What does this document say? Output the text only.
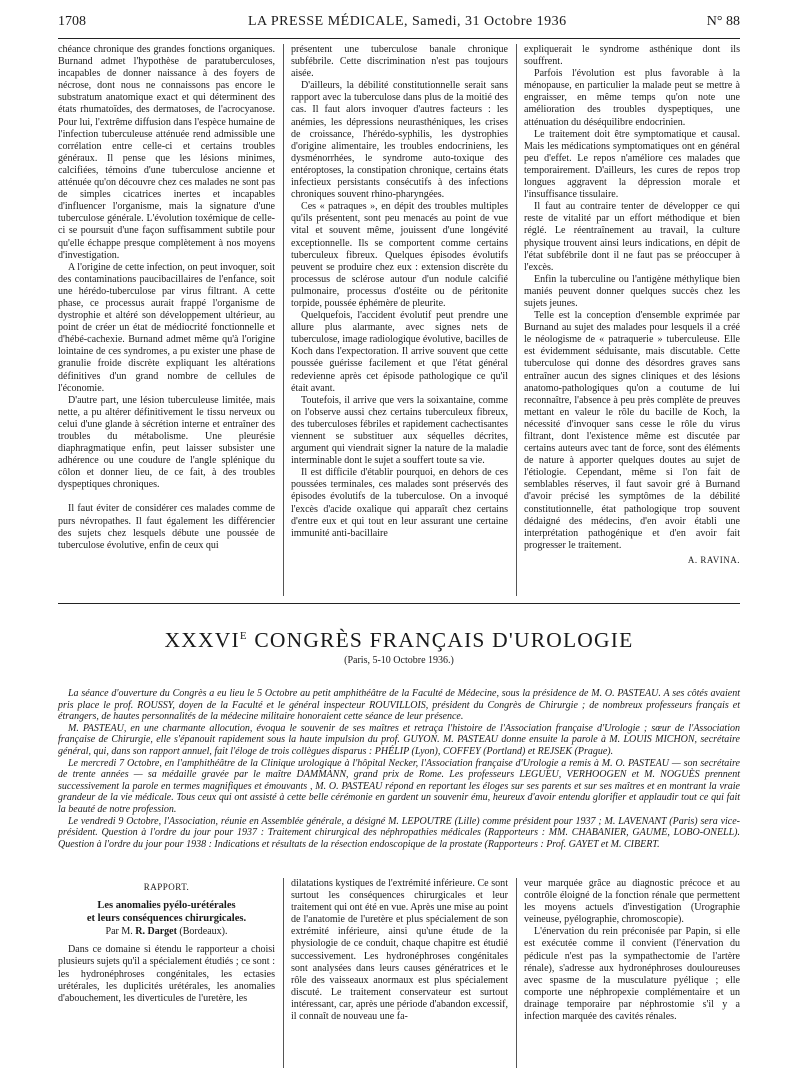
1708	LA PRESSE MÉDICALE, Samedi, 31 Octobre 1936	N° 88

chéance chronique des grandes fonctions organiques. Burnand admet l'hypothèse de paratuberculoses, incapables de donner naissance à des foyers de nécrose, dont nous ne connaissons pas encore le substratum anatomique exact et qui déterminent des états rhumatoïdes, des dermatoses, de l'acrocyanose. Pour lui, l'extrême diffusion dans l'espèce humaine de l'infection tuberculeuse atténuée rend admissible une corrélation entre celle-ci et certains troubles généraux. Il pense que les lésions minimes, calcifiées, témoins d'une tuberculose ancienne et atténuée qu'on découvre chez ces malades ne sont pas de simples cicatrices inertes et incapables d'influencer l'organisme, mais la signature d'une tuberculose générale. L'évolution toxémique de celle-ci se poursuit d'une façon suffisamment subtile pour qu'elle échappe presque complètement à nos moyens d'investigation.

A l'origine de cette infection, on peut invoquer, soit des contaminations paucibacillaires de l'enfance, soit une hérédo-tuberculose par virus filtrant. A cette phase, ce processus aurait frappé l'organisme de dystrophie et altéré son développement ultérieur, au point de créer un état de médiocrité fonctionnelle et d'hébé-cachexie. Burnand admet même qu'à l'origine lointaine de ces syndromes, a pu exister une phase de granulie froide discrète expliquant les altérations définitives d'un grand nombre de cellules de l'économie.

D'autre part, une lésion tuberculeuse limitée, mais nette, a pu altérer définitivement le tissu nerveux ou celui d'une glande à sécrétion interne et entraîner des troubles du métabolisme. Une pleurésie diaphragmatique enfin, peut laisser subsister une adhérence ou une coudure de l'angle splénique du côlon et donner lieu, de ce fait, à des troubles dyspeptiques chroniques.

Il faut éviter de considérer ces malades comme de purs névropathes. Il faut également les différencier des sujets chez lesquels débute une poussée de tuberculose évolutive, enfin de ceux qui

présentent une tuberculose banale chronique subfébrile. Cette discrimination n'est pas toujours aisée.

D'ailleurs, la débilité constitutionnelle serait sans rapport avec la tuberculose dans plus de la moitié des cas. Il faut alors invoquer d'autres facteurs : les anémies, les dépressions neurasthéniques, les crises de croissance, l'hérédo-syphilis, les dystrophies d'origine alimentaire, les troubles endocriniens, les dysménorrhées, le syndrome auto-toxique des entéroptoses, la constipation chronique, certains états infectieux persistants consécutifs à des infections chroniques souvent rhino-pharyngées.

Ces « patraques », en dépit des troubles multiples qu'ils présentent, sont peu menacés au point de vue vital et souvent même, jouissent d'une longévité exceptionnelle. Ils se comportent comme certains tuberculeux fibreux. Quelques épisodes évolutifs peuvent se produire chez eux : extension discrète du processus de sclérose autour d'un nodule calcifié pulmonaire, processus d'ostéite ou de péritonite torpide, poussée éphémère de pleurite.

Quelquefois, l'accident évolutif peut prendre une allure plus alarmante, avec signes nets de tuberculose, image radiologique évolutive, bacilles de Koch dans l'expectoration. Il arrive souvent que cette poussée guérisse facilement et que l'état général redevienne après cet épisode pathologique ce qu'il était avant.

Toutefois, il arrive que vers la soixantaine, comme on l'observe aussi chez certains tuberculeux fibreux, des tuberculoses fébriles et rapidement cachectisantes viennent se substituer aux séquelles décrites, argument qui viendrait signer la nature de la maladie interminable dont le sujet a souffert toute sa vie.

Il est difficile d'établir pourquoi, en dehors de ces poussées terminales, ces malades sont préservés des épisodes évolutifs de la tuberculose. On a invoqué l'excès d'acide oxalique qui apparaît chez certains d'entre eux et qui tout en leur assurant une certaine immunité anti-bacillaire

expliquerait le syndrome asthénique dont ils souffrent.

Parfois l'évolution est plus favorable à la ménopause, en particulier la malade peut se mettre à engraisser, en même temps qu'on note une amélioration des troubles dyspeptiques, une atténuation du déséquilibre endocrinien.

Le traitement doit être symptomatique et causal. Mais les médications symptomatiques ont en général peu d'effet. Le repos n'améliore ces malades que temporairement. D'ailleurs, les cures de repos trop longues aggravent la dépression morale et l'insuffisance tissulaire.

Il faut au contraire tenter de développer ce qui reste de vitalité par un effort méthodique et bien réglé. Le réentraînement au travail, la culture physique trouvent ainsi leurs indications, en dépit de l'état subfébrile dont il ne faut pas se préoccuper à l'excès.

Enfin la tuberculine ou l'antigène méthylique bien maniés peuvent donner quelques succès chez les sujets jeunes.

Telle est la conception d'ensemble exprimée par Burnand au sujet des malades pour lesquels il a créé le néologisme de « patraquerie » tuberculeuse. Elle est évidemment séduisante, mais discutable. Cette tuberculose qui donne des désordres graves sans entraîner aucun des signes cliniques et des lésions anatomo-pathologiques qu'on a coutume de lui reconnaître, l'absence à peu près complète de preuves mettant en valeur le rôle du bacille de Koch, la nécessité d'invoquer sans cesse le rôle du virus filtrant, dont l'existence même est discutée par certains auteurs avec tant de force, sont des éléments de nature à apporter quelques doutes au sujet de l'étiologie. Cependant, même si l'on fait de semblables réserves, il faut savoir gré à Burnand d'avoir précisé les symptômes de la débilité constitutionnelle, état pathologique trop souvent dédaigné des médecins, d'en avoir établi une interprétation pathogénique et d'en avoir fait progresser le traitement.

A. RAVINA.
$XXXVI^E$ CONGRÈS FRANÇAIS D'UROLOGIE
(Paris, 5-10 Octobre 1936.)

La séance d'ouverture du Congrès a eu lieu le 5 Octobre au petit amphithéâtre de la Faculté de Médecine, sous la présidence de M. O. PASTEAU. A ses côtés avaient pris place le prof. ROUSSY, doyen de la Faculté et le général inspecteur ROUVILLOIS, président du Congrès de Chirurgie ; de nombreux professeurs français et étrangers, de hautes personnalités de la médecine militaire honoraient cette séance de leur présence.

M. PASTEAU, en une charmante allocution, évoqua le souvenir de ses maîtres et retraça l'histoire de l'Association française d'Urologie ; sœur de l'Association française de Chirurgie, elle s'épanouit rapidement sous la haute impulsion du prof. GUYON. M. PASTEAU donne ensuite la parole à M. LOUIS MICHON, secrétaire général, qui, dans son rapport annuel, fait l'éloge de trois collègues disparus : PHÉLIP (Lyon), COFFEY (Portland) et REJSEK (Prague).

Le mercredi 7 Octobre, en l'amphithéâtre de la Clinique urologique à l'hôpital Necker, l'Association française d'Urologie a remis à M. O. PASTEAU — son secrétaire de trente années — sa médaille gravée par le maître DAMMANN, grand prix de Rome. Les professeurs LEGUEU, VERHOOGEN et M. NOGUÈS prennent successivement la parole en termes magnifiques et émouvants , M. O. PASTEAU répond en reportant les éloges sur ses parents et sur ses maîtres et en montrant la vraie grandeur de la vie médicale. Tous ceux qui ont assisté à cette belle cérémonie en gardent un souvenir ému, heureux d'avoir entendu glorifier et applaudir tout ce qui fait la beauté de notre profession.

Le vendredi 9 Octobre, l'Association, réunie en Assemblée générale, a désigné M. LEPOUTRE (Lille) comme président pour 1937 ; M. LAVENANT (Paris) sera vice-président. Question à l'ordre du jour pour 1937 : Traitement chirurgical des néphropathies médicales (Rapporteurs : MM. CHABANIER, GAUME, LOBO-ONELL). Question à l'ordre du jour pour 1938 : Indications et résultats de la résection endoscopique de la prostate (Rapporteurs : Prof. GAYET et M. CIBERT.

RAPPORT.
Les anomalies pyélo-urétérales
et leurs conséquences chirurgicales.
Par M. R. Darget (Bordeaux).

Dans ce domaine si étendu le rapporteur a choisi plusieurs sujets qu'il a spécialement étudiés ; ce sont : les hydronéphroses congénitales, les ectasies urétérales, les duplicités urétérales, les anomalies d'abouchement, les diverticules de l'uretère, les

dilatations kystiques de l'extrémité inférieure. Ce sont surtout les conséquences chirurgicales et leur traitement qui ont été en vue. Après une mise au point de l'anatomie de l'uretère et plus spécialement de son extrémité inférieure, ainsi qu'une étude de la physiologie de ce conduit, chaque chapitre est étudié successivement. Les hydronéphroses congénitales sont analysées dans leurs causes génératrices et le rôle des vaisseaux anormaux est plus spécialement discuté. Le traitement conservateur est surtout intéressant, car, après une période d'abandon excessif, il connaît de nouveau une fa-

veur marquée grâce au diagnostic précoce et au contrôle éloigné de la fonction rénale que permettent les moyens actuels d'investigation (Urographie veineuse, pyélographie, chromoscopie).

L'énervation du rein préconisée par Papin, si elle est exécutée comme il convient (l'énervation du pédicule n'est pas la sympathectomie de l'artère rénale), s'adresse aux hydronéphroses douloureuses avec spasme de la musculature pyélique ; elle comporte une néphropexie complémentaire et un drainage temporaire par néphrostomie s'il y a infection marquée des cavités rénales.
